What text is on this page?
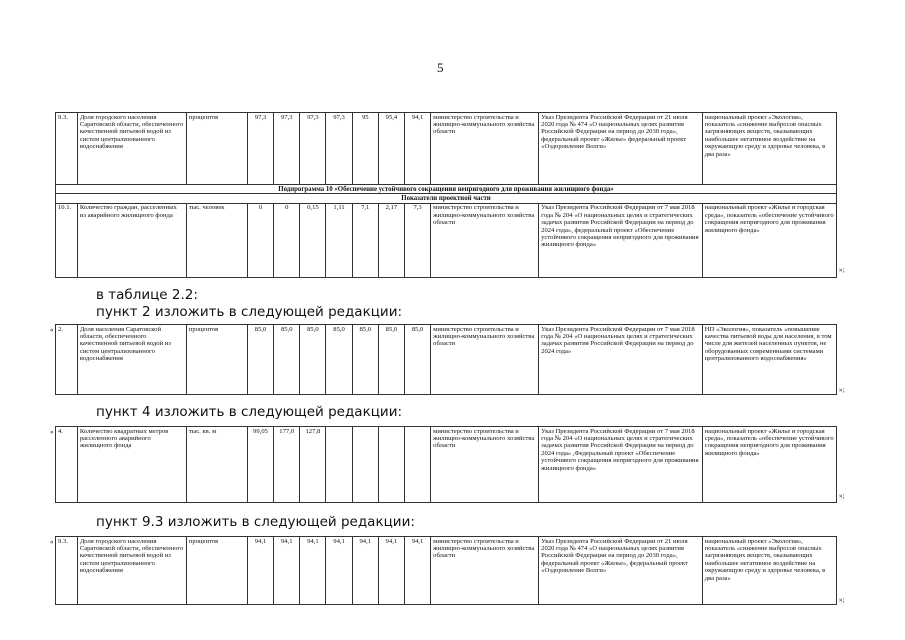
5
9.3.	Доля городского населения Саратовской области, обеспеченного качественной питьевой водой из систем централизованного водоснабжения	процентов	97,3	97,3	97,3	97,3	95	95,4	94,1	министерство строительства и жилищно-коммунального хозяйства области	Указ Президента Российской Федерации от 21 июля 2020 года № 474 «О национальных целях развития Российской Федерации на период до 2030 года», федеральный проект «Жилье» федеральный проект «Оздоровление Волги»	национальный проект «Экология», показатель «снижение выбросов опасных загрязняющих веществ, оказывающих наибольшее негативное воздействие на окружающую среду и здоровье человека, в два раза»
Подпрограмма 10 «Обеспечение устойчивого сокращения непригодного для проживания жилищного фонда»												
Показатели проектной части												
10.1.	Количество граждан, расселенных из аварийного жилищного фонда	тыс. человек	0	0	0,15	1,11	7,1	2,17	7,3	министерство строительства и жилищно-коммунального хозяйства области	Указ Президента Российской Федерации от 7 мая 2018 года № 204 «О национальных целях и стратегических задачах развития Российской Федерации на период до 2024 года», федеральный проект «Обеспечение устойчивого сокращения непригодного для проживания жилищного фонда»	национальный проект «Жилье и городская среда», показатель «обеспечение устойчивого сокращения непригодного для проживания жилищного фонда»
»;
в таблице 2.2:
пункт 2 изложить в следующей редакции:
« 2.	Доля населения Саратовской области, обеспеченного качественной питьевой водой из систем централизованного водоснабжения	процентов	85,0	85,0	85,0	85,0	85,0	85,0	85,0	министерство строительства и жилищно-коммунального хозяйства области	Указ Президента Российской Федерации от 7 мая 2018 года № 204 «О национальных целях и стратегических задачах развития Российской Федерации на период до 2024 года»	НП «Экология», показатель «повышение качества питьевой воды для населения, в том числе для жителей населенных пунктов, не оборудованных современными системами централизованного водоснабжения»
»;
пункт 4 изложить в следующей редакции:
« 4.	Количество квадратных метров расселенного аварийного жилищного фонда	тыс. кв. м	99,05	177,0	127,8					министерство строительства и жилищно-коммунального хозяйства области	Указ Президента Российской Федерации от 7 мая 2018 года № 204 «О национальных целях и стратегических задачах развития Российской Федерации на период до 2024 года» ,Федеральный проект «Обеспечение устойчивого сокращения непригодного для проживания жилищного фонда»	национальный проект «Жилье и городская среда», показатель «обеспечение устойчивого сокращения непригодного для проживания жилищного фонда»
»;
пункт 9.3 изложить в следующей редакции:
« 9.3.	Доля городского населения Саратовской области, обеспеченного качественной питьевой водой из систем централизованного водоснабжения	процентов	94,1	94,1	94,1	94,1	94,1	94,1	94,1	министерство строительства и жилищно-коммунального хозяйства области	Указ Президента Российской Федерации от 21 июля 2020 года № 474 «О национальных целях развития Российской Федерации на период до 2030 года», федеральный проект «Жилье», федеральный проект «Оздоровление Волги»	национальный проект «Экология», показатель «снижение выбросов опасных загрязняющих веществ, оказывающих наибольшее негативное воздействие на окружающую среду и здоровье человека, в два раза»
»;
